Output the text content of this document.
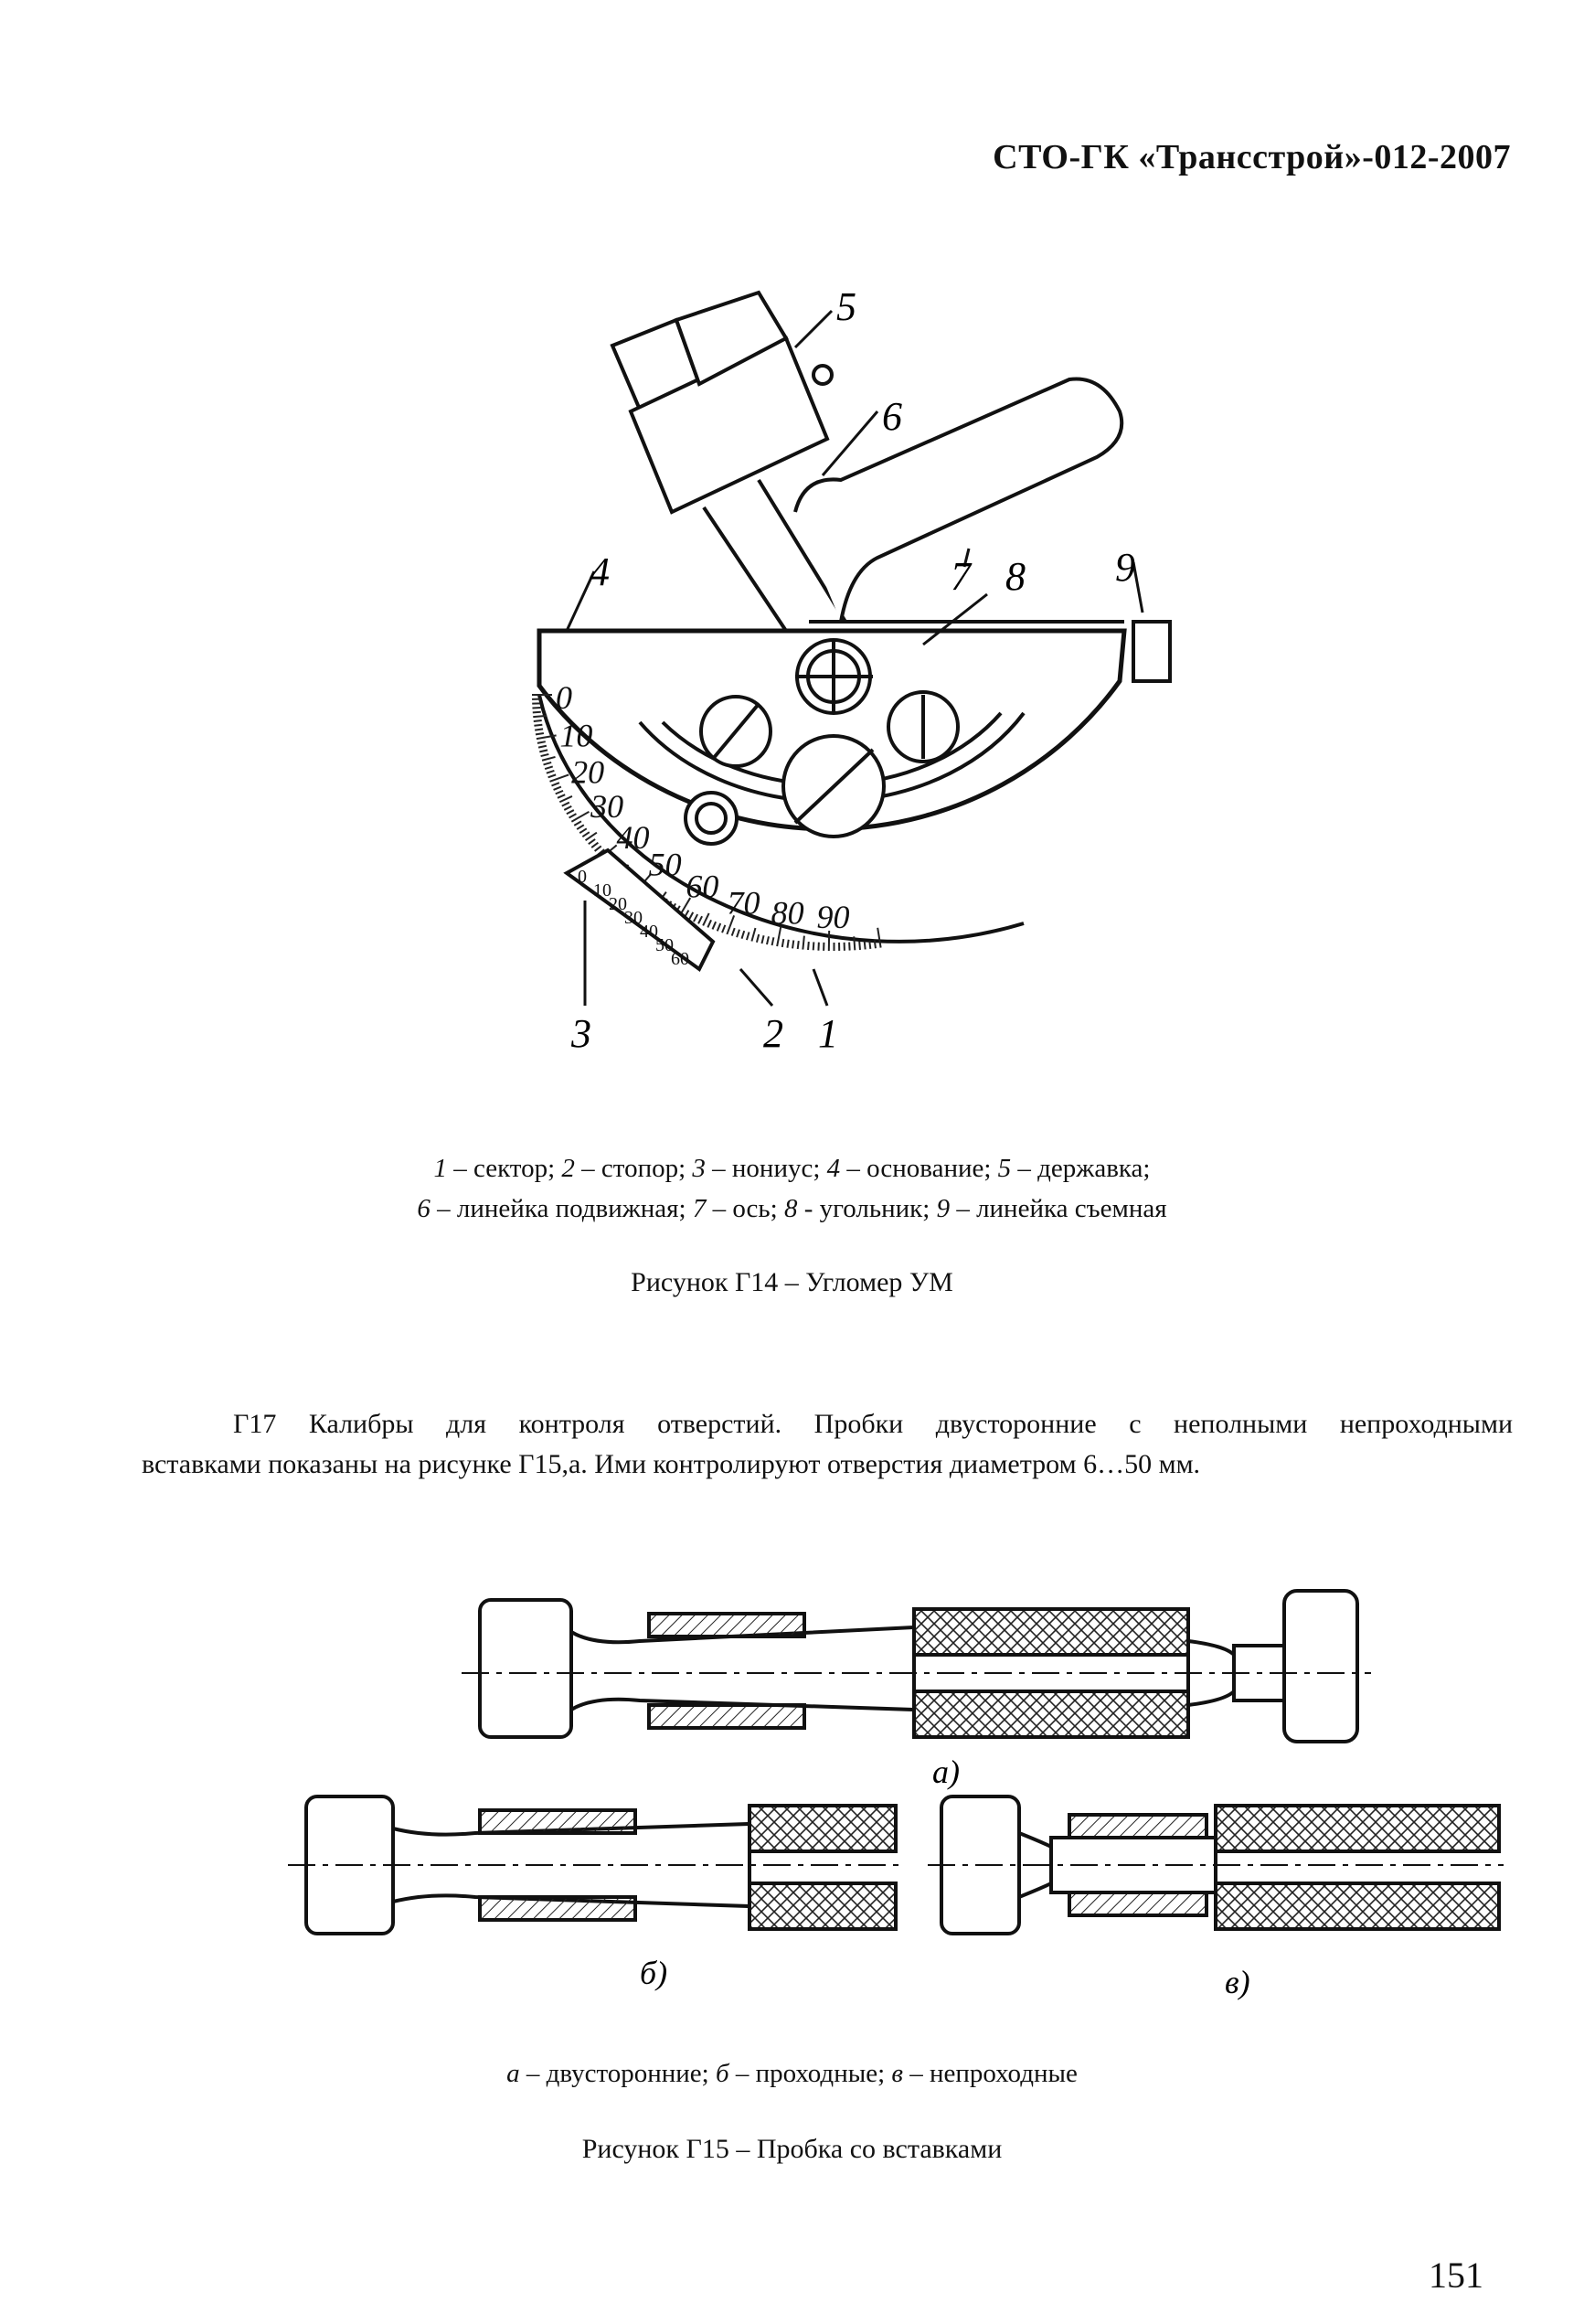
СТО-ГК «Трансстрой»-012-2007
0
10
20
30
40
50
60 70 80 90
0
10
20
30
40
50
60
5
6
7 8 9
4
3	2 1
1 – сектор; 2 – стопор; 3 – нониус; 4 – основание; 5 – державка;
6 – линейка подвижная; 7 – ось; 8 - угольник; 9 – линейка съемная
Рисунок Г14 – Угломер УМ
Г17 Калибры для контроля отверстий. Пробки двусторонние с неполными непроходными
вставками показаны на рисунке Г15,а. Ими контролируют отверстия диаметром 6…50 мм.
а)
б)	в)
а – двусторонние; б – проходные; в – непроходные
Рисунок Г15 – Пробка со вставками
151
